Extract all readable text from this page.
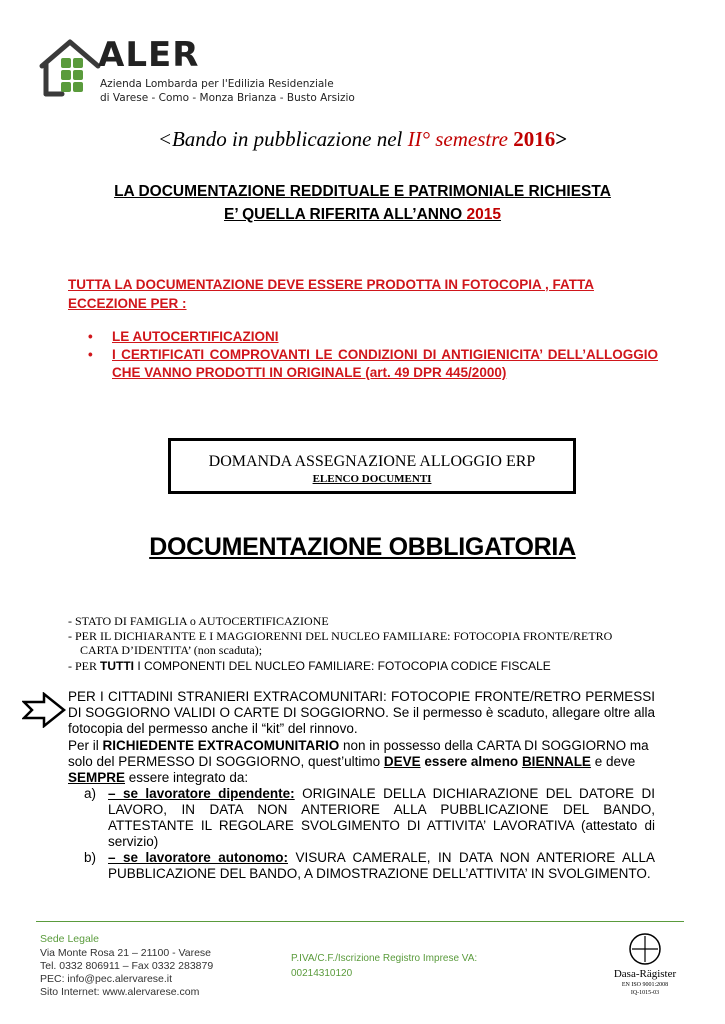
ALER
Azienda Lombarda per l'Edilizia Residenziale
di Varese - Como - Monza Brianza - Busto Arsizio
<Bando in pubblicazione nel II° semestre 2016>
LA DOCUMENTAZIONE REDDITUALE E PATRIMONIALE RICHIESTA
E’ QUELLA RIFERITA ALL’ANNO 2015
TUTTA LA DOCUMENTAZIONE DEVE ESSERE PRODOTTA IN FOTOCOPIA , FATTA
ECCEZIONE PER :
• LE AUTOCERTIFICAZIONI
• I CERTIFICATI COMPROVANTI LE CONDIZIONI DI ANTIGIENICITA’ DELL’ALLOGGIO CHE VANNO PRODOTTI IN ORIGINALE (art. 49 DPR 445/2000)
DOMANDA ASSEGNAZIONE ALLOGGIO ERP
ELENCO DOCUMENTI
DOCUMENTAZIONE OBBLIGATORIA
- STATO DI FAMIGLIA o AUTOCERTIFICAZIONE
- PER IL DICHIARANTE E I MAGGIORENNI DEL NUCLEO FAMILIARE: FOTOCOPIA FRONTE/RETRO
CARTA D’IDENTITA’ (non scaduta);
- PER TUTTI I COMPONENTI DEL NUCLEO FAMILIARE: FOTOCOPIA CODICE FISCALE
PER I CITTADINI STRANIERI EXTRACOMUNITARI: FOTOCOPIE FRONTE/RETRO PERMESSI DI SOGGIORNO VALIDI O CARTE DI SOGGIORNO. Se il permesso è scaduto, allegare oltre alla fotocopia del permesso anche il “kit” del rinnovo.
Per il RICHIEDENTE EXTRACOMUNITARIO non in possesso della CARTA DI SOGGIORNO ma solo del PERMESSO DI SOGGIORNO, quest’ultimo DEVE essere almeno BIENNALE e deve SEMPRE essere integrato da:
a) – se lavoratore dipendente: ORIGINALE DELLA DICHIARAZIONE DEL DATORE DI LAVORO, IN DATA NON ANTERIORE ALLA PUBBLICAZIONE DEL BANDO, ATTESTANTE IL REGOLARE SVOLGIMENTO DI ATTIVITA’ LAVORATIVA (attestato di servizio)
b) – se lavoratore autonomo: VISURA CAMERALE, IN DATA NON ANTERIORE ALLA PUBBLICAZIONE DEL BANDO, A DIMOSTRAZIONE DELL’ATTIVITA’ IN SVOLGIMENTO.
Sede Legale
Via Monte Rosa 21 – 21100 - Varese
Tel. 0332 806911 – Fax 0332 283879
PEC: info@pec.alervarese.it
Sito Internet: www.alervarese.com
P.IVA/C.F./Iscrizione Registro Imprese VA:
00214310120	Dasa-Rägister
EN ISO 9001:2008
IQ-1015-03
